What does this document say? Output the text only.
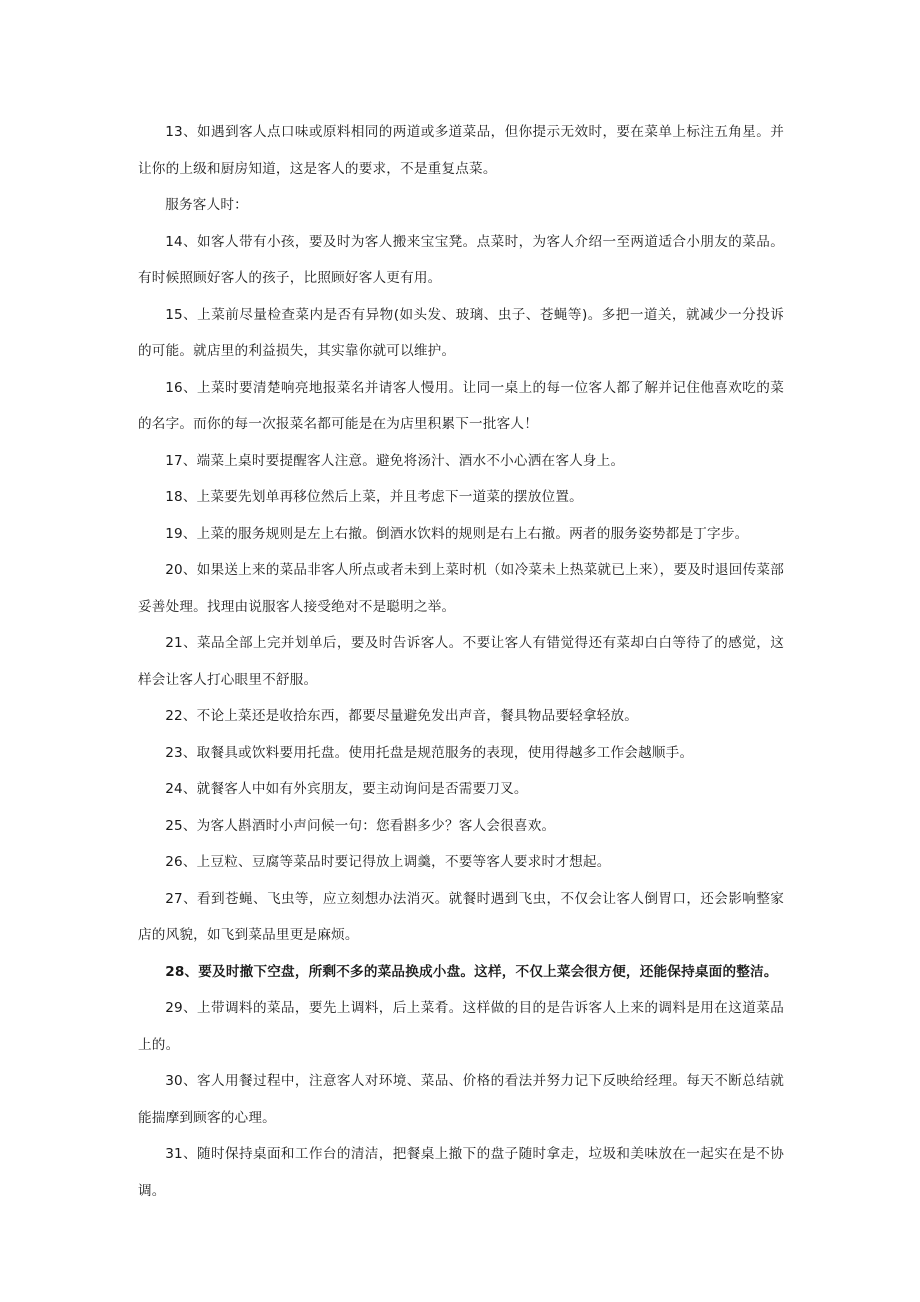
13、如遇到客人点口味或原料相同的两道或多道菜品，但你提示无效时，要在菜单上标注五角星。并让你的上级和厨房知道，这是客人的要求，不是重复点菜。

服务客人时：

14、如客人带有小孩，要及时为客人搬来宝宝凳。点菜时，为客人介绍一至两道适合小朋友的菜品。有时候照顾好客人的孩子，比照顾好客人更有用。

15、上菜前尽量检查菜内是否有异物(如头发、玻璃、虫子、苍蝇等)。多把一道关，就减少一分投诉的可能。就店里的利益损失，其实靠你就可以维护。

16、上菜时要清楚响亮地报菜名并请客人慢用。让同一桌上的每一位客人都了解并记住他喜欢吃的菜的名字。而你的每一次报菜名都可能是在为店里积累下一批客人！

17、端菜上桌时要提醒客人注意。避免将汤汁、酒水不小心洒在客人身上。

18、上菜要先划单再移位然后上菜，并且考虑下一道菜的摆放位置。

19、上菜的服务规则是左上右撤。倒酒水饮料的规则是右上右撤。两者的服务姿势都是丁字步。

20、如果送上来的菜品非客人所点或者未到上菜时机（如冷菜未上热菜就已上来），要及时退回传菜部妥善处理。找理由说服客人接受绝对不是聪明之举。

21、菜品全部上完并划单后，要及时告诉客人。不要让客人有错觉得还有菜却白白等待了的感觉，这样会让客人打心眼里不舒服。

22、不论上菜还是收拾东西，都要尽量避免发出声音，餐具物品要轻拿轻放。

23、取餐具或饮料要用托盘。使用托盘是规范服务的表现，使用得越多工作会越顺手。

24、就餐客人中如有外宾朋友，要主动询问是否需要刀叉。

25、为客人斟酒时小声问候一句：您看斟多少？客人会很喜欢。

26、上豆粒、豆腐等菜品时要记得放上调羹，不要等客人要求时才想起。

27、看到苍蝇、飞虫等，应立刻想办法消灭。就餐时遇到飞虫，不仅会让客人倒胃口，还会影响整家店的风貌，如飞到菜品里更是麻烦。

28、要及时撤下空盘，所剩不多的菜品换成小盘。这样，不仅上菜会很方便，还能保持桌面的整洁。

29、上带调料的菜品，要先上调料，后上菜肴。这样做的目的是告诉客人上来的调料是用在这道菜品上的。

30、客人用餐过程中，注意客人对环境、菜品、价格的看法并努力记下反映给经理。每天不断总结就能揣摩到顾客的心理。

31、随时保持桌面和工作台的清洁，把餐桌上撤下的盘子随时拿走，垃圾和美味放在一起实在是不协调。
